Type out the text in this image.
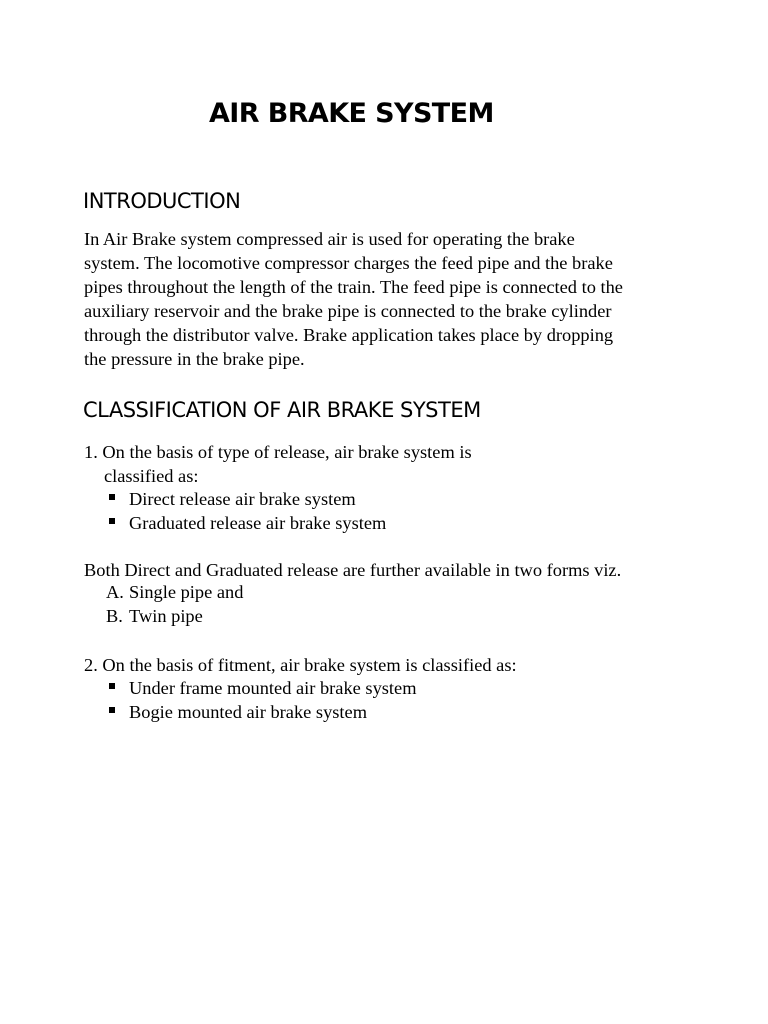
AIR BRAKE SYSTEM
INTRODUCTION

In Air Brake system compressed air is used for operating the brake
system. The locomotive compressor charges the feed pipe and the brake
pipes throughout the length of the train. The feed pipe is connected to the
auxiliary reservoir and the brake pipe is connected to the brake cylinder
through the distributor valve. Brake application takes place by dropping
the pressure in the brake pipe.

CLASSIFICATION OF AIR BRAKE SYSTEM

1. On the basis of type of release, air brake system is

classified as:

Direct release air brake system

Graduated release air brake system

Both Direct and Graduated release are further available in two forms viz.

A. Single pipe and

B. Twin pipe

2. On the basis of fitment, air brake system is classified as:

Under frame mounted air brake system

Bogie mounted air brake system
